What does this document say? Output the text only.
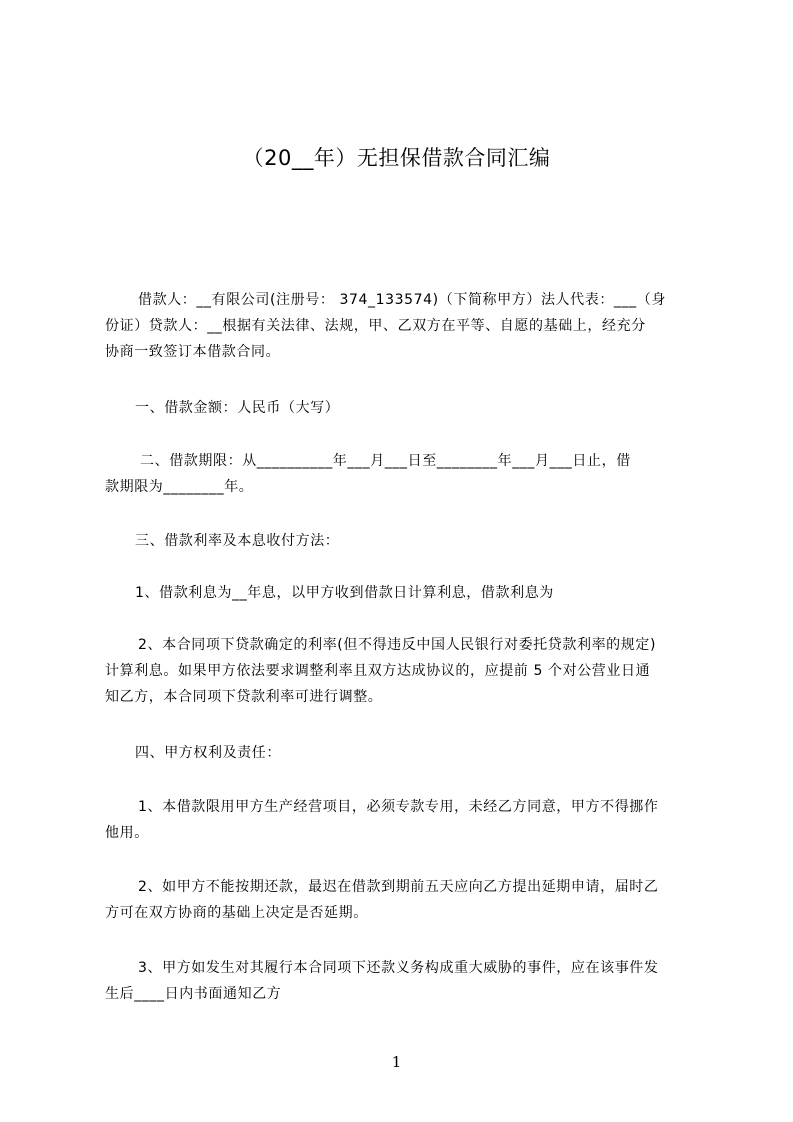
（20__年）无担保借款合同汇编

借款人：__有限公司(注册号： 374_133574)（下简称甲方）法人代表：___（身
份证）贷款人：__根据有关法律、法规，甲、乙双方在平等、自愿的基础上，经充分
协商一致签订本借款合同。

一、借款金额：人民币（大写）

二、借款期限：从__________年___月___日至________年___月___日止，借
款期限为________年。

三、借款利率及本息收付方法：

1、借款利息为__年息，以甲方收到借款日计算利息，借款利息为

2、本合同项下贷款确定的利率(但不得违反中国人民银行对委托贷款利率的规定)
计算利息。如果甲方依法要求调整利率且双方达成协议的，应提前 5 个对公营业日通
知乙方，本合同项下贷款利率可进行调整。

四、甲方权利及责任：

1、本借款限用甲方生产经营项目，必须专款专用，未经乙方同意，甲方不得挪作
他用。

2、如甲方不能按期还款，最迟在借款到期前五天应向乙方提出延期申请，届时乙
方可在双方协商的基础上决定是否延期。

3、甲方如发生对其履行本合同项下还款义务构成重大威胁的事件，应在该事件发
生后____日内书面通知乙方

1
